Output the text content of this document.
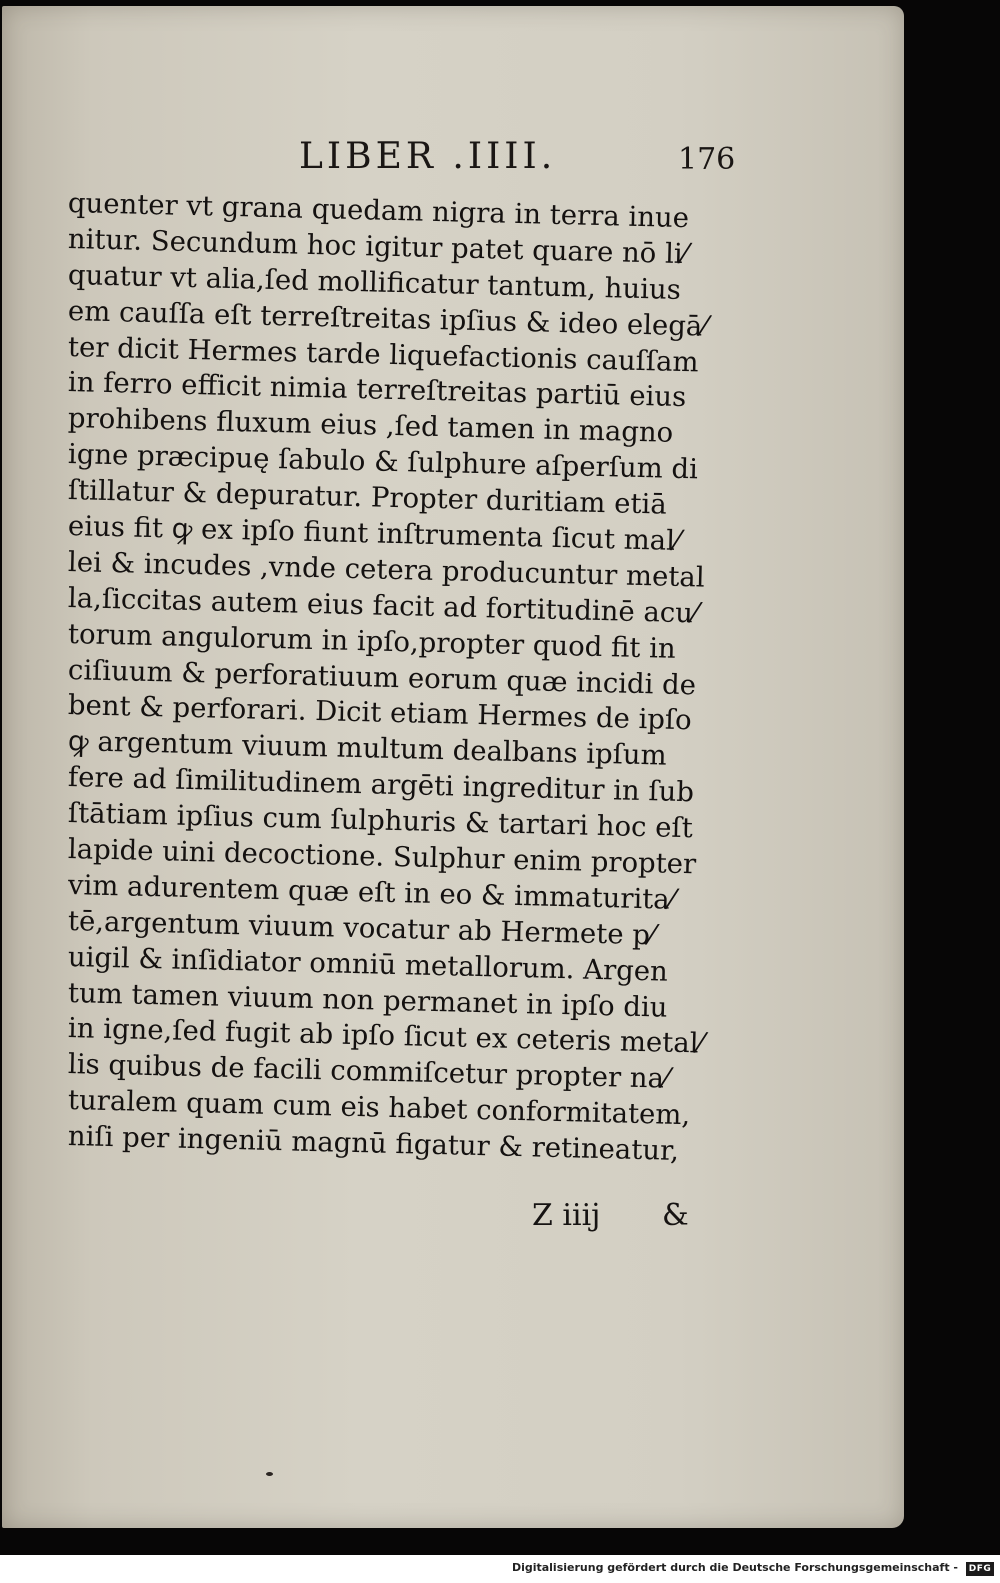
LIBER .IIII.	176
quenter vt grana quedam nigra in terra inue
nitur. Secundum hoc igitur patet quare nō li⁄
quatur vt alia,ſed mollificatur tantum, huius
em cauſſa eſt terreſtreitas ipſius & ideo elegā⁄
ter dicit Hermes tarde liquefactionis cauſſam
in ferro efficit nimia terreſtreitas partiū eius
prohibens fluxum eius ,ſed tamen in magno
igne præcipuę ſabulo & ſulphure aſperſum di
ſtillatur & depuratur. Propter duritiam etiā
eius fit ꝙ ex ipſo fiunt inſtrumenta ſicut mal⁄
lei & incudes ,vnde cetera producuntur metal
la,ſiccitas autem eius facit ad fortitudinē acu⁄
torum angulorum in ipſo,propter quod fit in
ciſiuum & perforatiuum eorum quæ incidi de
bent & perforari. Dicit etiam Hermes de ipſo
ꝙ argentum viuum multum dealbans ipſum
fere ad ſimilitudinem argēti ingreditur in ſub
ſtātiam ipſius cum ſulphuris & tartari hoc eſt
lapide uini decoctione. Sulphur enim propter
vim adurentem quæ eſt in eo & immaturita⁄
tē,argentum viuum vocatur ab Hermete p⁄
uigil & inſidiator omniū metallorum. Argen
tum tamen viuum non permanet in ipſo diu
in igne,ſed fugit ab ipſo ſicut ex ceteris metal⁄
lis quibus de facili commiſcetur propter na⁄
turalem quam cum eis habet conformitatem,
niſi per ingeniū magnū figatur & retineatur,
Z iiij &
Digitalisierung gefördert durch die Deutsche Forschungsgemeinschaft -	DFG
